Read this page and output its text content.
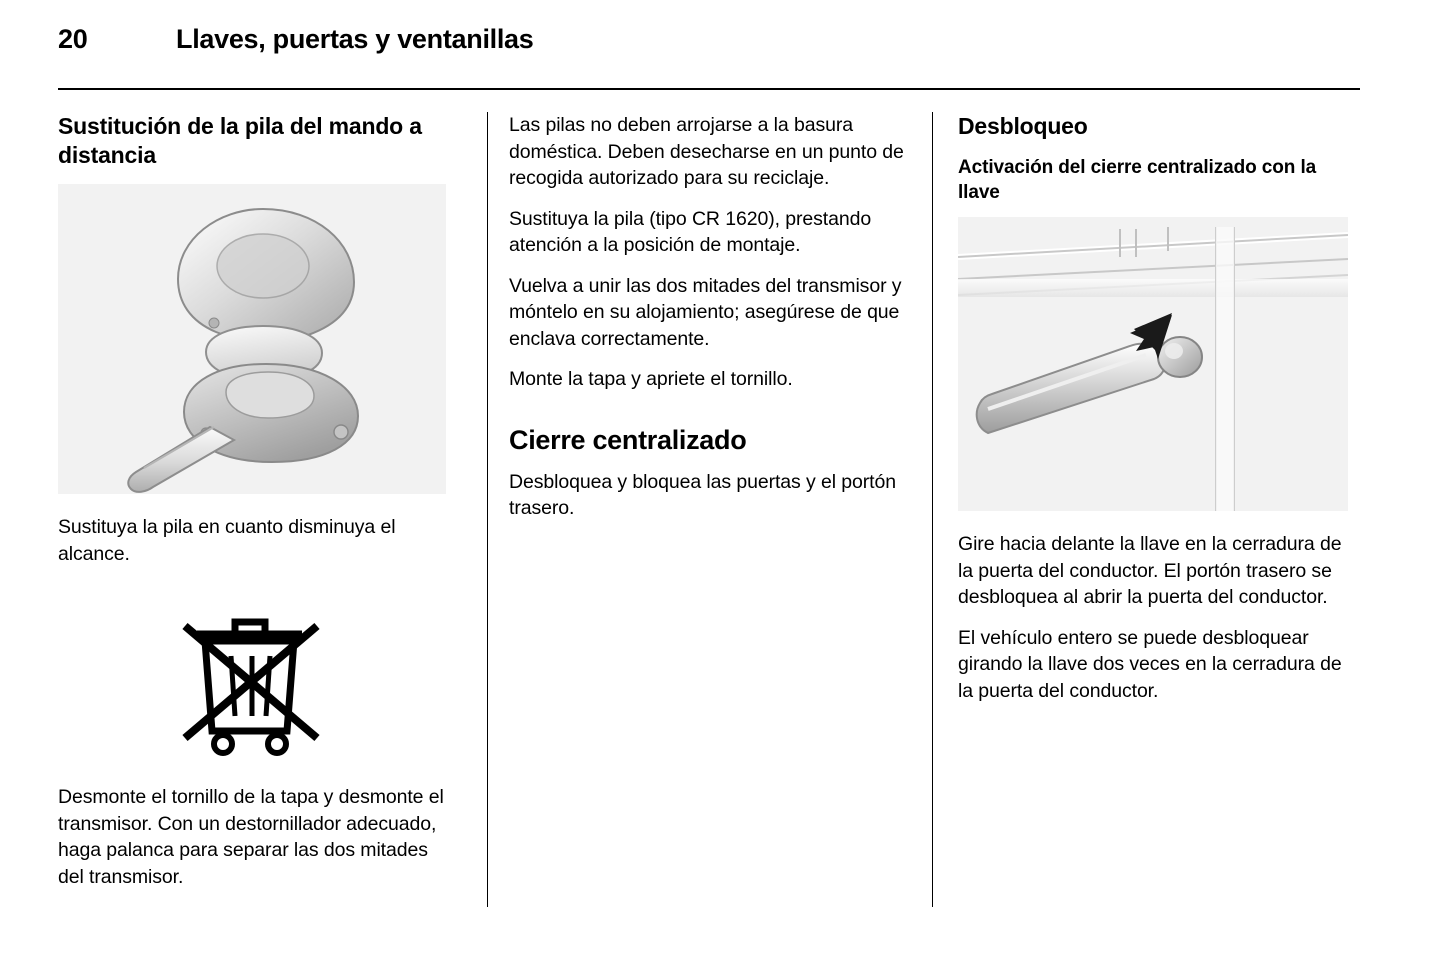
20	Llaves, puertas y ventanillas
Sustitución de la pila del mando a distancia

Sustituya la pila en cuanto disminuya el alcance.

Desmonte el tornillo de la tapa y desmonte el transmisor. Con un destornillador adecuado, haga palanca para separar las dos mitades del transmisor.

Las pilas no deben arrojarse a la basura doméstica. Deben desecharse en un punto de recogida autorizado para su reciclaje.

Sustituya la pila (tipo CR 1620), prestando atención a la posición de montaje.

Vuelva a unir las dos mitades del transmisor y móntelo en su alojamiento; asegúrese de que enclava correctamente.

Monte la tapa y apriete el tornillo.

Cierre centralizado

Desbloquea y bloquea las puertas y el portón trasero.

Desbloqueo
Activación del cierre centralizado con la llave

Gire hacia delante la llave en la cerradura de la puerta del conductor. El portón trasero se desbloquea al abrir la puerta del conductor.

El vehículo entero se puede desbloquear girando la llave dos veces en la cerradura de la puerta del conductor.
